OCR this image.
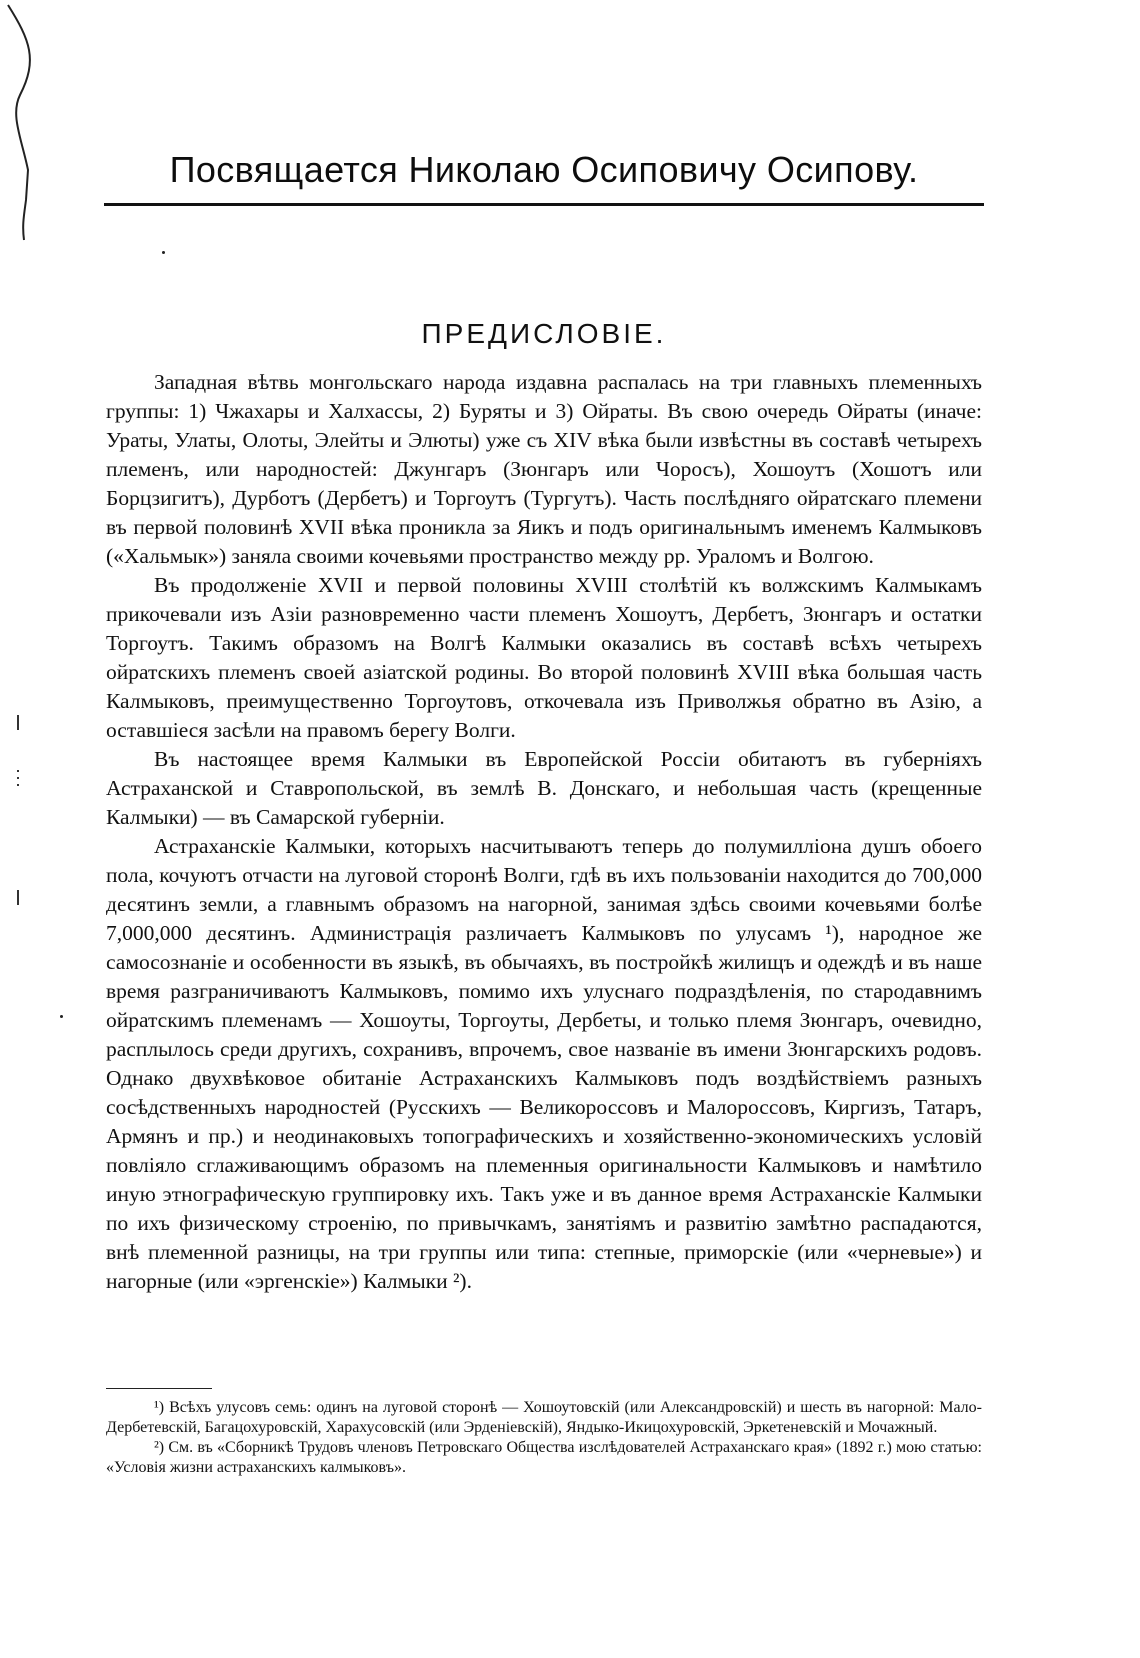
Посвящается Николаю Осиповичу Осипову.
ПРЕДИСЛОВІЕ.

Западная вѣтвь монгольскаго народа издавна распалась на три главныхъ племенныхъ группы: 1) Чжахары и Халхассы, 2) Буряты и 3) Ойраты. Въ свою очередь Ойраты (иначе: Ураты, Улаты, Олоты, Элейты и Элюты) уже съ XIV вѣка были извѣстны въ составѣ четырехъ племенъ, или народностей: Джунгаръ (Зюнгаръ или Чоросъ), Хошоутъ (Хошотъ или Борцзигитъ), Дурботъ (Дербетъ) и Торгоутъ (Тургутъ). Часть послѣдняго ойратскаго племени въ первой половинѣ XVII вѣка проникла за Яикъ и подъ оригинальнымъ именемъ Калмыковъ («Хальмык») заняла своими кочевьями пространство между рр. Ураломъ и Волгою.

Въ продолженіе XVII и первой половины XVIII столѣтій къ волжскимъ Калмыкамъ прикочевали изъ Азіи разновременно части племенъ Хошоутъ, Дербетъ, Зюнгаръ и остатки Торгоутъ. Такимъ образомъ на Волгѣ Калмыки оказались въ составѣ всѣхъ четырехъ ойратскихъ племенъ своей азіатской родины. Во второй половинѣ XVIII вѣка большая часть Калмыковъ, преимущественно Торгоутовъ, откочевала изъ Приволжья обратно въ Азію, а оставшіеся засѣли на правомъ берегу Волги.

Въ настоящее время Калмыки въ Европейской Россіи обитаютъ въ губерніяхъ Астраханской и Ставропольской, въ землѣ В. Донскаго, и небольшая часть (крещенные Калмыки) — въ Самарской губерніи.

Астраханскіе Калмыки, которыхъ насчитываютъ теперь до полумилліона душъ обоего пола, кочуютъ отчасти на луговой сторонѣ Волги, гдѣ въ ихъ пользованіи находится до 700,000 десятинъ земли, а главнымъ образомъ на нагорной, занимая здѣсь своими кочевьями болѣе 7,000,000 десятинъ. Администрація различаетъ Калмыковъ по улусамъ ¹), народное же самосознаніе и особенности въ языкѣ, въ обычаяхъ, въ постройкѣ жилищъ и одеждѣ и въ наше время разграничиваютъ Калмыковъ, помимо ихъ улуснаго подраздѣленія, по стародавнимъ ойратскимъ племенамъ — Хошоуты, Торгоуты, Дербеты, и только племя Зюнгаръ, очевидно, расплылось среди другихъ, сохранивъ, впрочемъ, свое названіе въ имени Зюнгарскихъ родовъ. Однако двухвѣковое обитаніе Астраханскихъ Калмыковъ подъ воздѣйствіемъ разныхъ сосѣдственныхъ народностей (Русскихъ — Великороссовъ и Малороссовъ, Киргизъ, Татаръ, Армянъ и пр.) и неодинаковыхъ топографическихъ и хозяйственно-экономическихъ условій повліяло сглаживающимъ образомъ на племенныя оригинальности Калмыковъ и намѣтило иную этнографическую группировку ихъ. Такъ уже и въ данное время Астраханскіе Калмыки по ихъ физическому строенію, по привычкамъ, занятіямъ и развитію замѣтно распадаются, внѣ племенной разницы, на три группы или типа: степные, приморскіе (или «черневые») и нагорные (или «эргенскіе») Калмыки ²).

¹) Всѣхъ улусовъ семь: одинъ на луговой сторонѣ — Хошоутовскій (или Александровскій) и шесть въ нагорной: Мало-Дербетевскій, Багацохуровскій, Харахусовскій (или Эрденіевскій), Яндыко-Икицохуровскій, Эркетеневскій и Мочажный.

²) См. въ «Сборникѣ Трудовъ членовъ Петровскаго Общества изслѣдователей Астраханскаго края» (1892 г.) мою статью: «Условія жизни астраханскихъ калмыковъ».
